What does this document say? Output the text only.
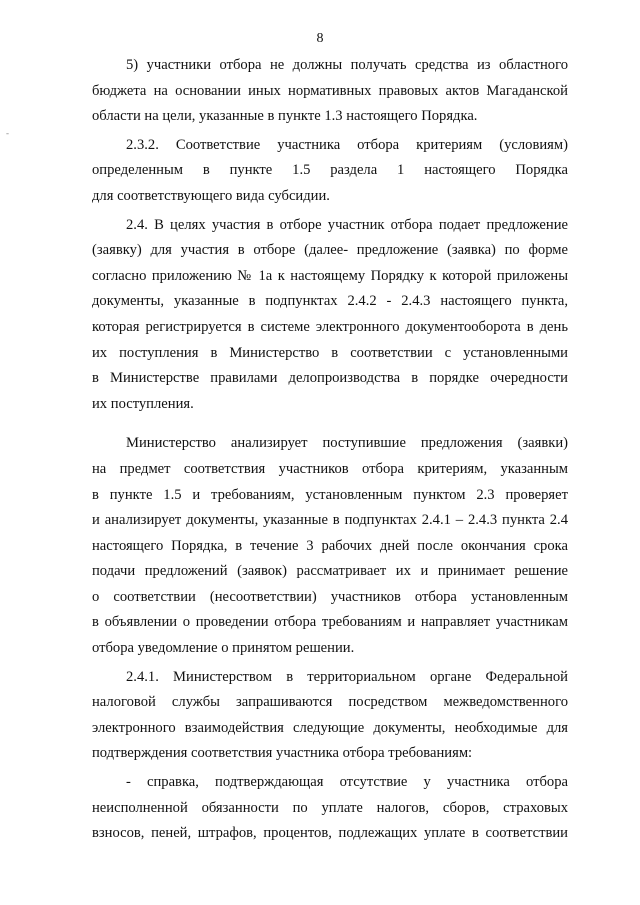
8
-

5) участники отбора не должны получать средства из областного
бюджета на основании иных нормативных правовых актов Магаданской
области на цели, указанные в пункте 1.3 настоящего Порядка.

2.3.2. Соответствие участника отбора критериям (условиям)
определенным в пункте 1.5 раздела 1 настоящего Порядка
для соответствующего вида субсидии.

2.4. В целях участия в отборе участник отбора подает предложение
(заявку) для участия в отборе (далее- предложение (заявка) по форме
согласно приложению № 1а к настоящему Порядку к которой приложены
документы, указанные в подпунктах 2.4.2 - 2.4.3 настоящего пункта,
которая регистрируется в системе электронного документооборота в день
их поступления в Министерство в соответствии с установленными
в Министерстве правилами делопроизводства в порядке очередности
их поступления.

Министерство анализирует поступившие предложения (заявки)
на предмет соответствия участников отбора критериям, указанным
в пункте 1.5 и требованиям, установленным пунктом 2.3 проверяет
и анализирует документы, указанные в подпунктах 2.4.1 – 2.4.3 пункта 2.4
настоящего Порядка, в течение 3 рабочих дней после окончания срока
подачи предложений (заявок) рассматривает их и принимает решение
о соответствии (несоответствии) участников отбора установленным
в объявлении о проведении отбора требованиям и направляет участникам
отбора уведомление о принятом решении.

2.4.1. Министерством в территориальном органе Федеральной
налоговой службы запрашиваются посредством межведомственного
электронного взаимодействия следующие документы, необходимые для
подтверждения соответствия участника отбора требованиям:

- справка, подтверждающая отсутствие у участника отбора
неисполненной обязанности по уплате налогов, сборов, страховых
взносов, пеней, штрафов, процентов, подлежащих уплате в соответствии
